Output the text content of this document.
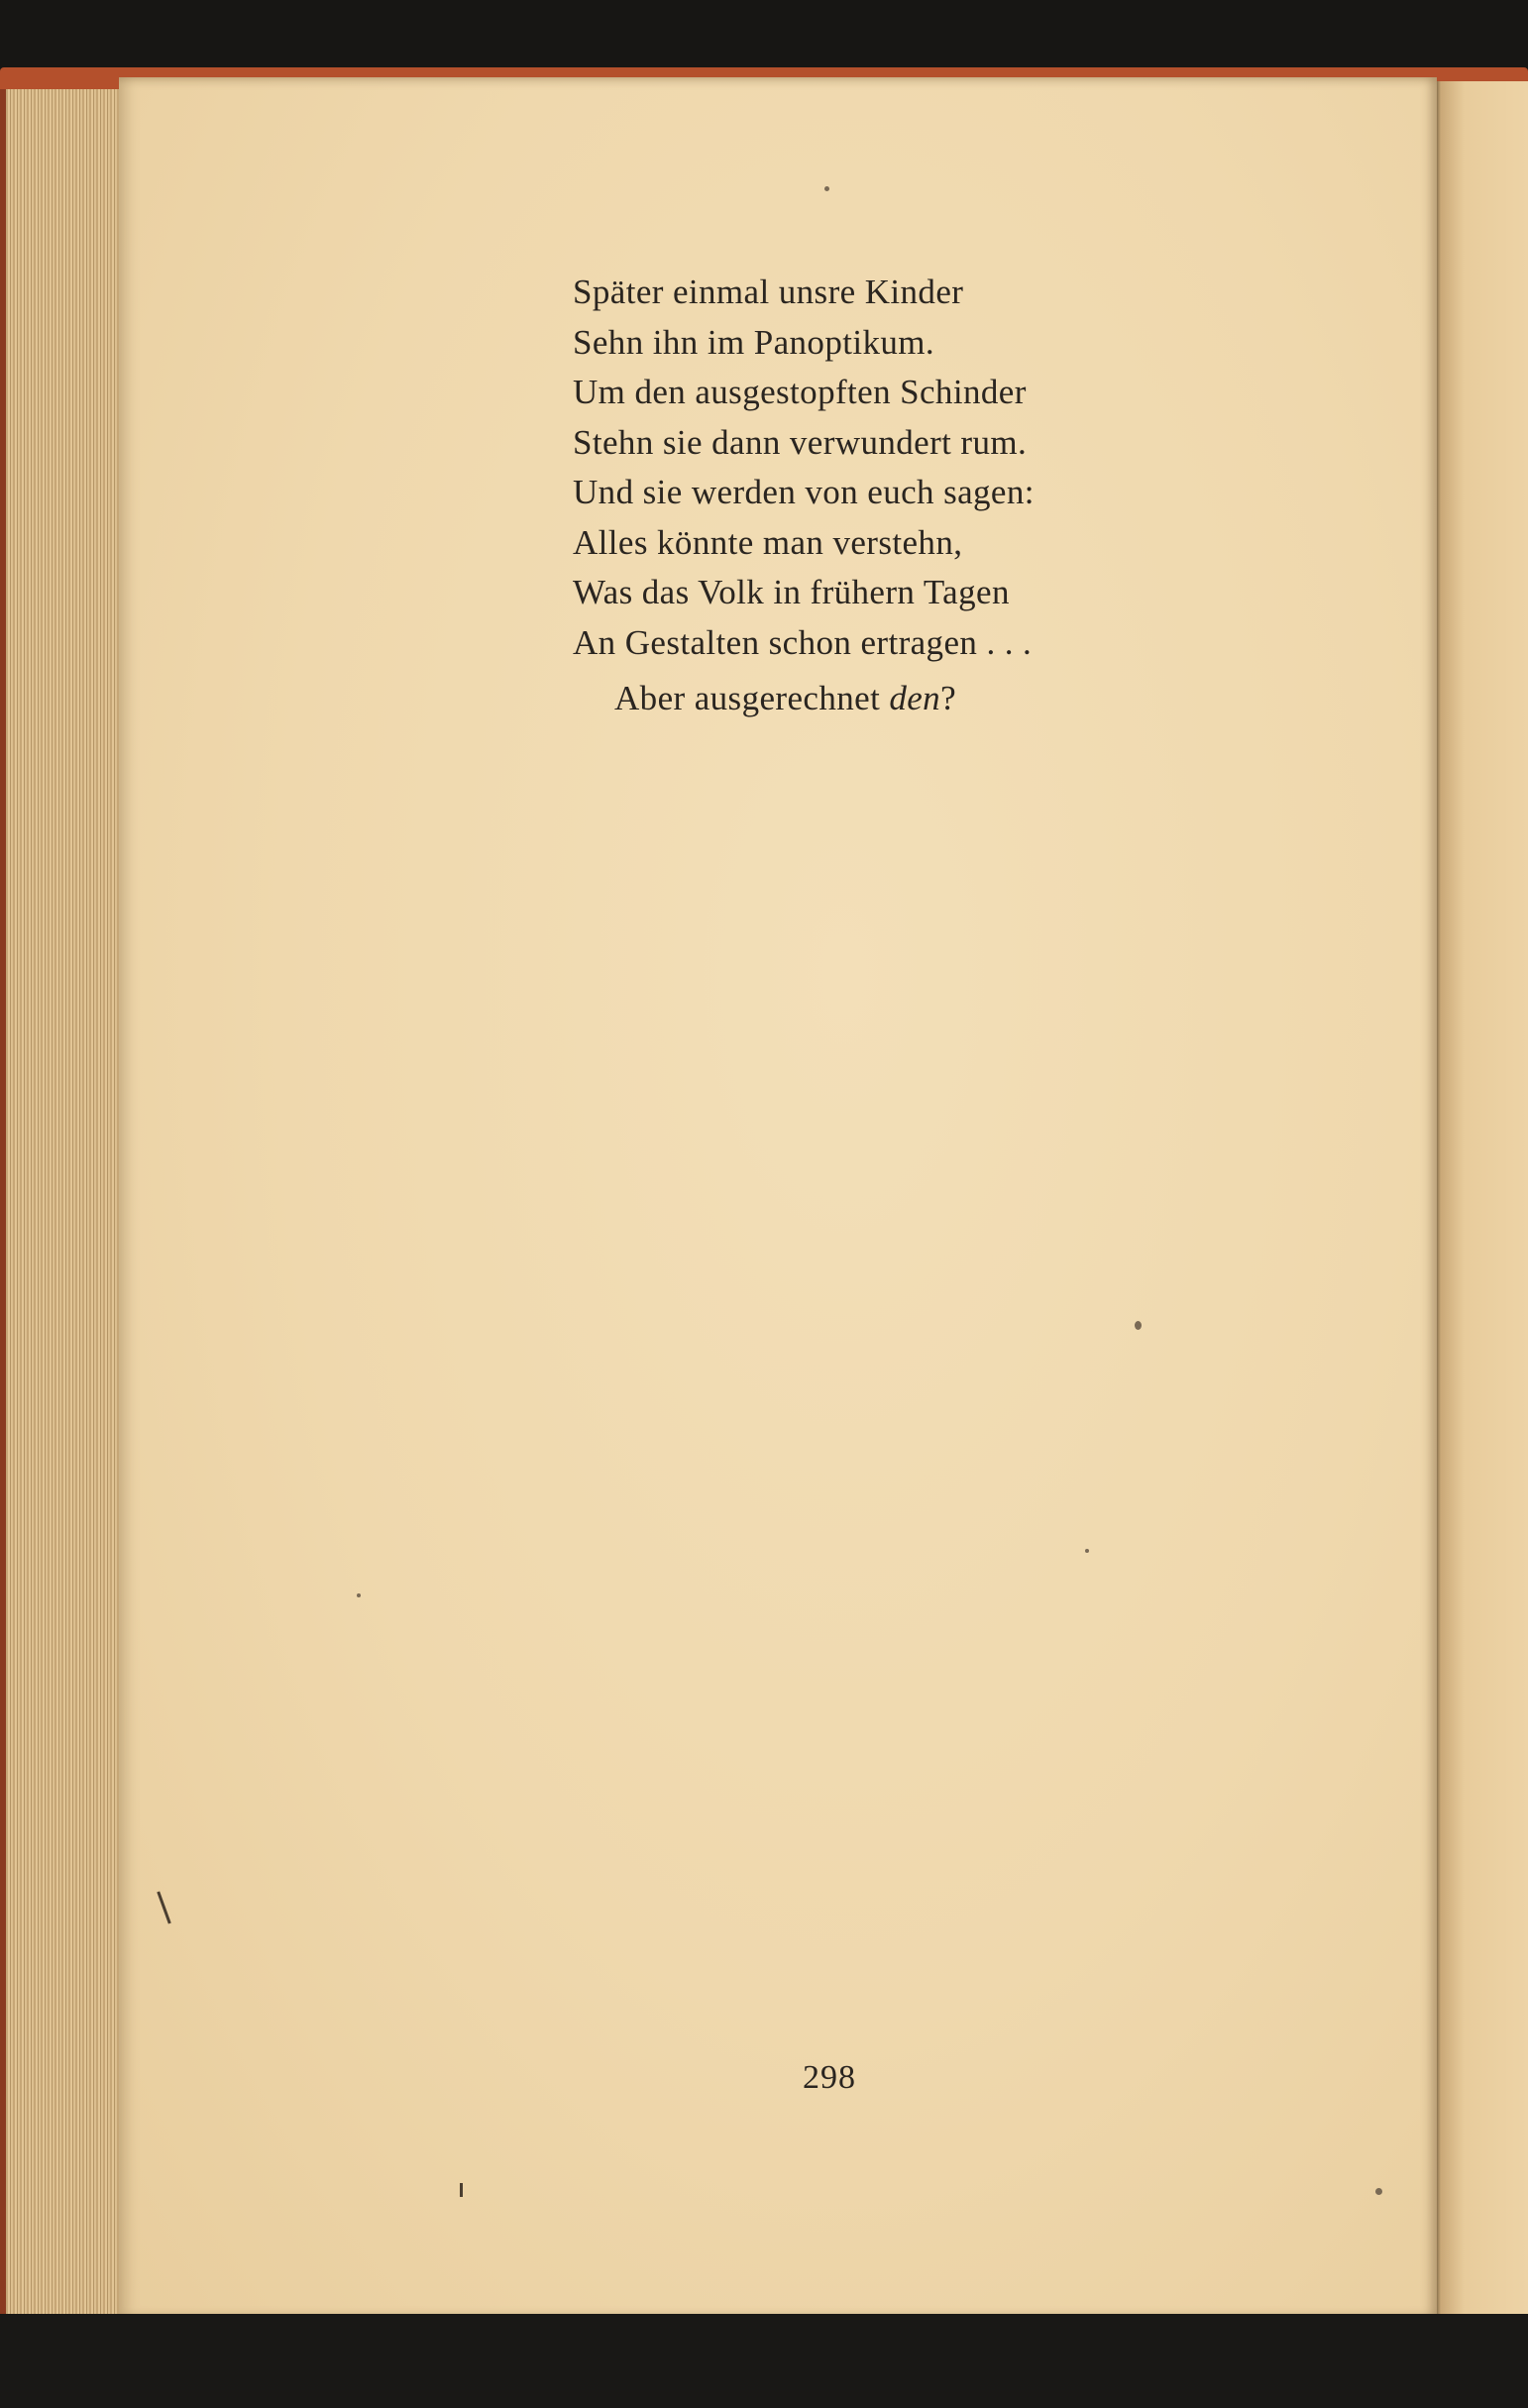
Später einmal unsre Kinder
Sehn ihn im Panoptikum.
Um den ausgestopften Schinder
Stehn sie dann verwundert rum.
Und sie werden von euch sagen:
Alles könnte man verstehn,
Was das Volk in frühern Tagen
An Gestalten schon ertragen . . .
Aber ausgerechnet den?
298
